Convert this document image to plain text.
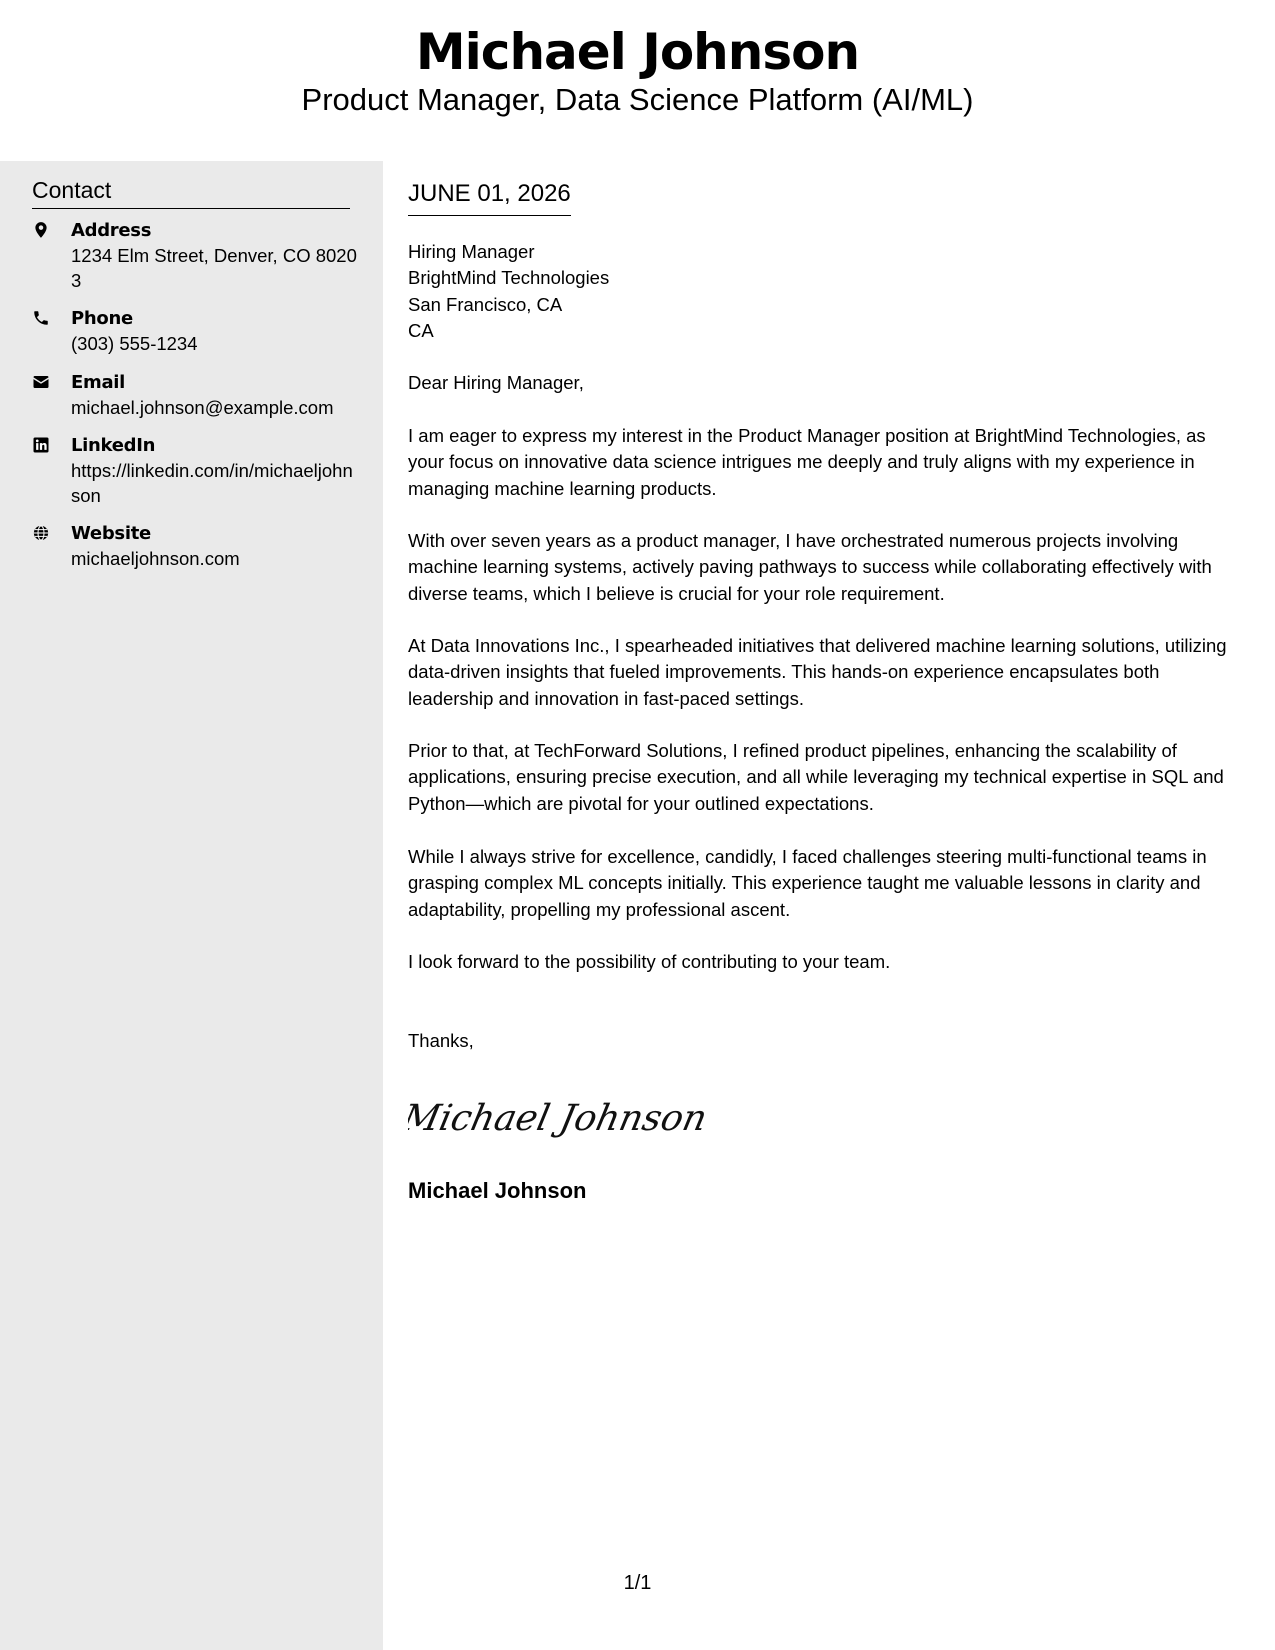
Michael Johnson
Product Manager, Data Science Platform (AI/ML)
Contact
Address
1234 Elm Street, Denver, CO 80203
Phone
(303) 555-1234
Email
michael.johnson@example.com
LinkedIn
https://linkedin.com/in/michaeljohnson
Website
michaeljohnson.com
JUNE 01, 2026
Hiring Manager
BrightMind Technologies
San Francisco, CA
CA
Dear Hiring Manager,
I am eager to express my interest in the Product Manager position at BrightMind Technologies, as your focus on innovative data science intrigues me deeply and truly aligns with my experience in managing machine learning products.
With over seven years as a product manager, I have orchestrated numerous projects involving machine learning systems, actively paving pathways to success while collaborating effectively with diverse teams, which I believe is crucial for your role requirement.
At Data Innovations Inc., I spearheaded initiatives that delivered machine learning solutions, utilizing data-driven insights that fueled improvements. This hands-on experience encapsulates both leadership and innovation in fast-paced settings.
Prior to that, at TechForward Solutions, I refined product pipelines, enhancing the scalability of applications, ensuring precise execution, and all while leveraging my technical expertise in SQL and Python—which are pivotal for your outlined expectations.
While I always strive for excellence, candidly, I faced challenges steering multi-functional teams in grasping complex ML concepts initially. This experience taught me valuable lessons in clarity and adaptability, propelling my professional ascent.
I look forward to the possibility of contributing to your team.
Thanks,
Michael Johnson
Michael Johnson
1/1
